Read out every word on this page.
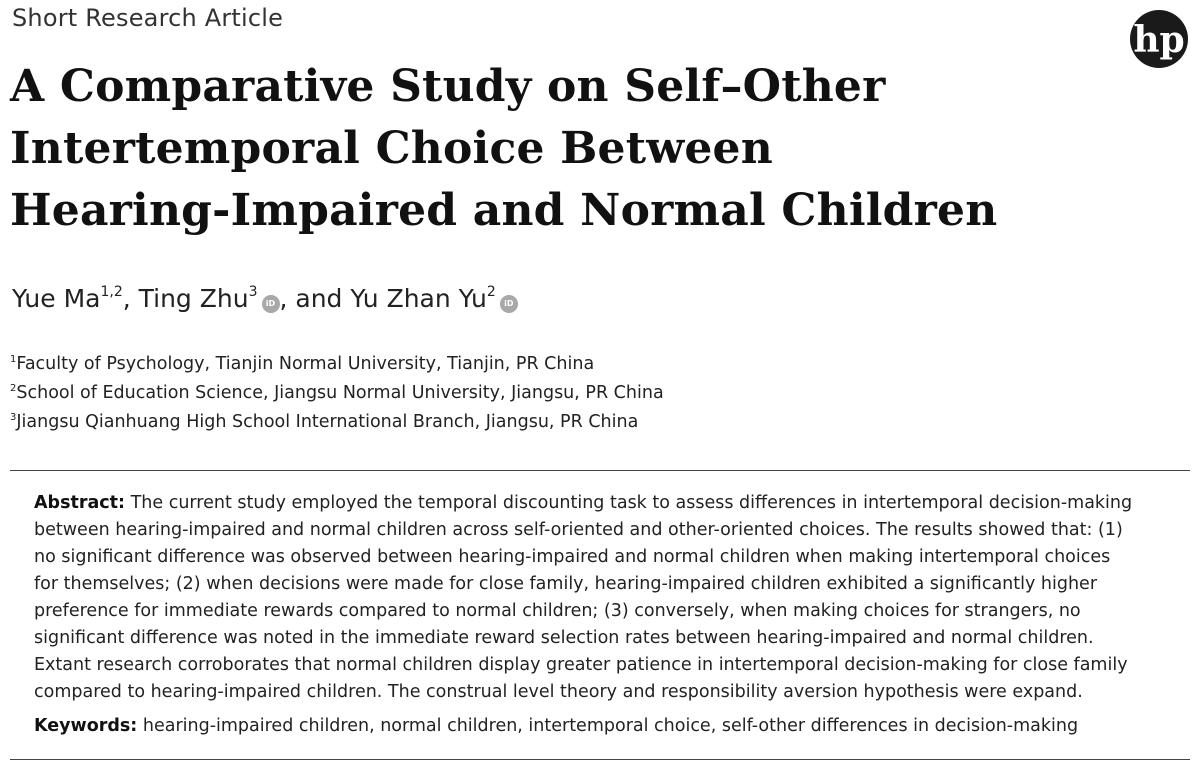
Short Research Article
hp
A Comparative Study on Self–Other
Intertemporal Choice Between
Hearing-Impaired and Normal Children
Yue Ma$^{1,2}$, Ting Zhu$^3$iD , and Yu Zhan Yu$^2$iD
$^1$Faculty of Psychology, Tianjin Normal University, Tianjin, PR China
$^2$School of Education Science, Jiangsu Normal University, Jiangsu, PR China
$^3$Jiangsu Qianhuang High School International Branch, Jiangsu, PR China

Abstract: The current study employed the temporal discounting task to assess differences in intertemporal decision-making
between hearing-impaired and normal children across self-oriented and other-oriented choices. The results showed that: (1)
no significant difference was observed between hearing-impaired and normal children when making intertemporal choices
for themselves; (2) when decisions were made for close family, hearing-impaired children exhibited a significantly higher
preference for immediate rewards compared to normal children; (3) conversely, when making choices for strangers, no
significant difference was noted in the immediate reward selection rates between hearing-impaired and normal children.
Extant research corroborates that normal children display greater patience in intertemporal decision-making for close family
compared to hearing-impaired children. The construal level theory and responsibility aversion hypothesis were expand.

Keywords: hearing-impaired children, normal children, intertemporal choice, self-other differences in decision-making
